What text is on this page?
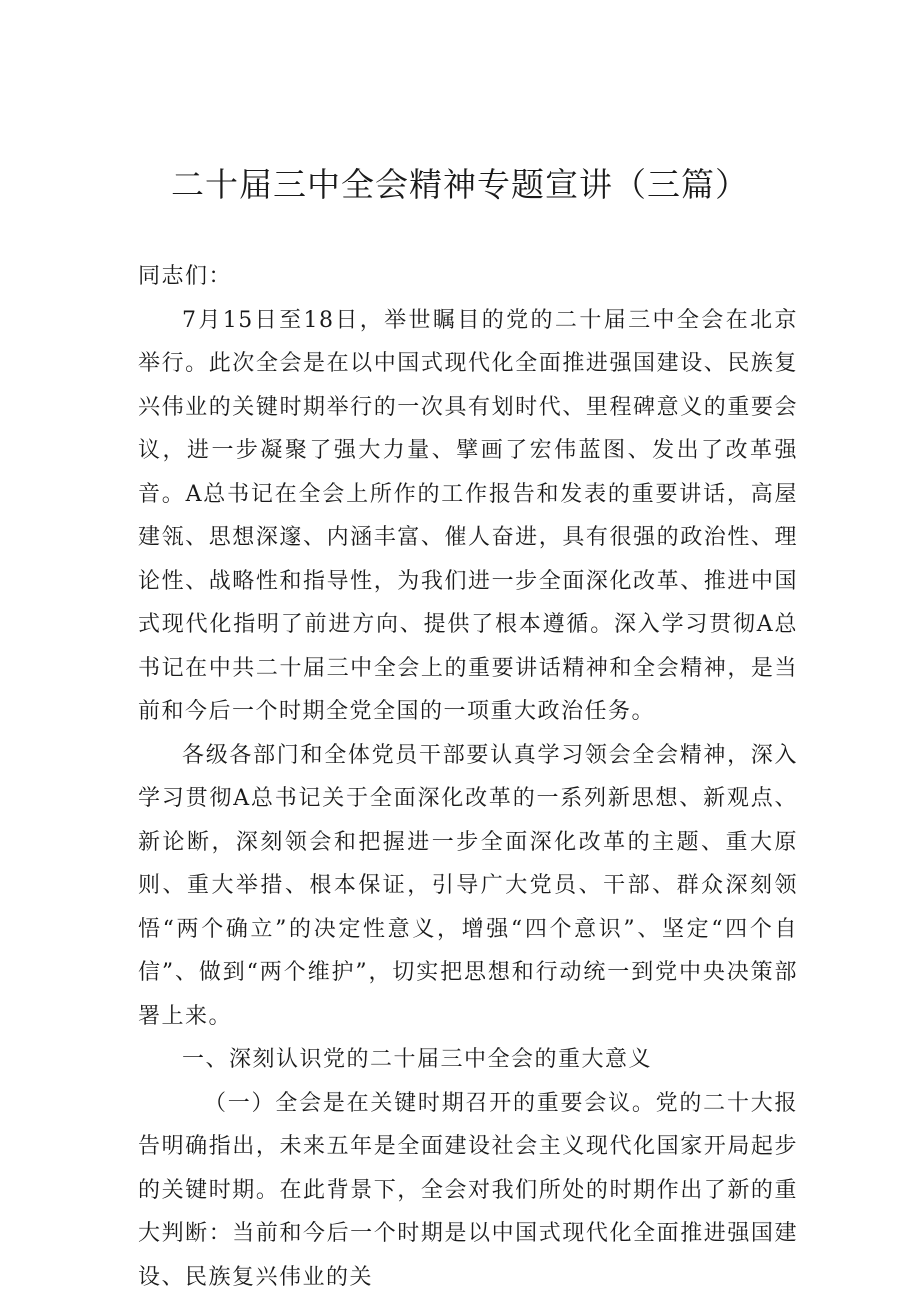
二十届三中全会精神专题宣讲（三篇）

同志们：

7月15日至18日，举世瞩目的党的二十届三中全会在北京举行。此次全会是在以中国式现代化全面推进强国建设、民族复兴伟业的关键时期举行的一次具有划时代、里程碑意义的重要会议，进一步凝聚了强大力量、擘画了宏伟蓝图、发出了改革强音。A总书记在全会上所作的工作报告和发表的重要讲话，高屋建瓴、思想深邃、内涵丰富、催人奋进，具有很强的政治性、理论性、战略性和指导性，为我们进一步全面深化改革、推进中国式现代化指明了前进方向、提供了根本遵循。深入学习贯彻A总书记在中共二十届三中全会上的重要讲话精神和全会精神，是当前和今后一个时期全党全国的一项重大政治任务。

各级各部门和全体党员干部要认真学习领会全会精神，深入学习贯彻A总书记关于全面深化改革的一系列新思想、新观点、新论断，深刻领会和把握进一步全面深化改革的主题、重大原则、重大举措、根本保证，引导广大党员、干部、群众深刻领悟“两个确立”的决定性意义，增强“四个意识”、坚定“四个自信”、做到“两个维护”，切实把思想和行动统一到党中央决策部署上来。

一、深刻认识党的二十届三中全会的重大意义

（一）全会是在关键时期召开的重要会议。党的二十大报告明确指出，未来五年是全面建设社会主义现代化国家开局起步的关键时期。在此背景下，全会对我们所处的时期作出了新的重大判断：当前和今后一个时期是以中国式现代化全面推进强国建设、民族复兴伟业的关
